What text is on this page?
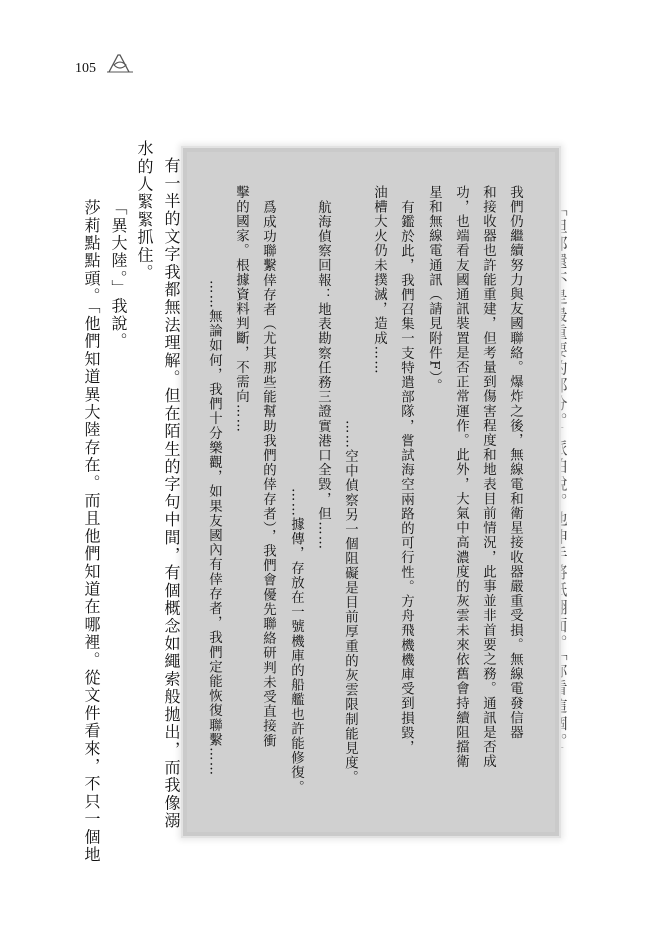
105
我們仍繼續努力與友國聯絡。爆炸之後，無線電和衛星接收器嚴重受損。無線電發信器
和接收器也許能重建，但考量到傷害程度和地表目前情況，此事並非首要之務。通訊是否成
功，也端看友國通訊裝置是否正常運作。此外，大氣中高濃度的灰雲未來依舊會持續阻擋衛
星和無線電通訊（請見附件F）。
有鑑於此，我們召集一支特遣部隊，嘗試海空兩路的可行性。方舟飛機機庫受到損毀，
油槽大火仍未撲滅，造成……
……空中偵察另一個阻礙是目前厚重的灰雲限制能見度。
航海偵察回報：地表勘察任務三證實港口全毀，但……
……據傳，存放在一號機庫的船艦也許能修復。
爲成功聯繫倖存者（尤其那些能幫助我們的倖存者），我們會優先聯絡研判未受直接衝
擊的國家。根據資料判斷，不需向……
……無論如何，我們十分樂觀，如果友國內有倖存者，我們定能恢復聯繫……
有一半的文字我都無法理解。但在陌生的字句中間，有個概念如繩索般拋出，而我像溺
水的人緊緊抓住。
「異大陸。」我說。
莎莉點點頭。「他們知道異大陸存在。而且他們知道在哪裡。從文件看來，不只一個地
